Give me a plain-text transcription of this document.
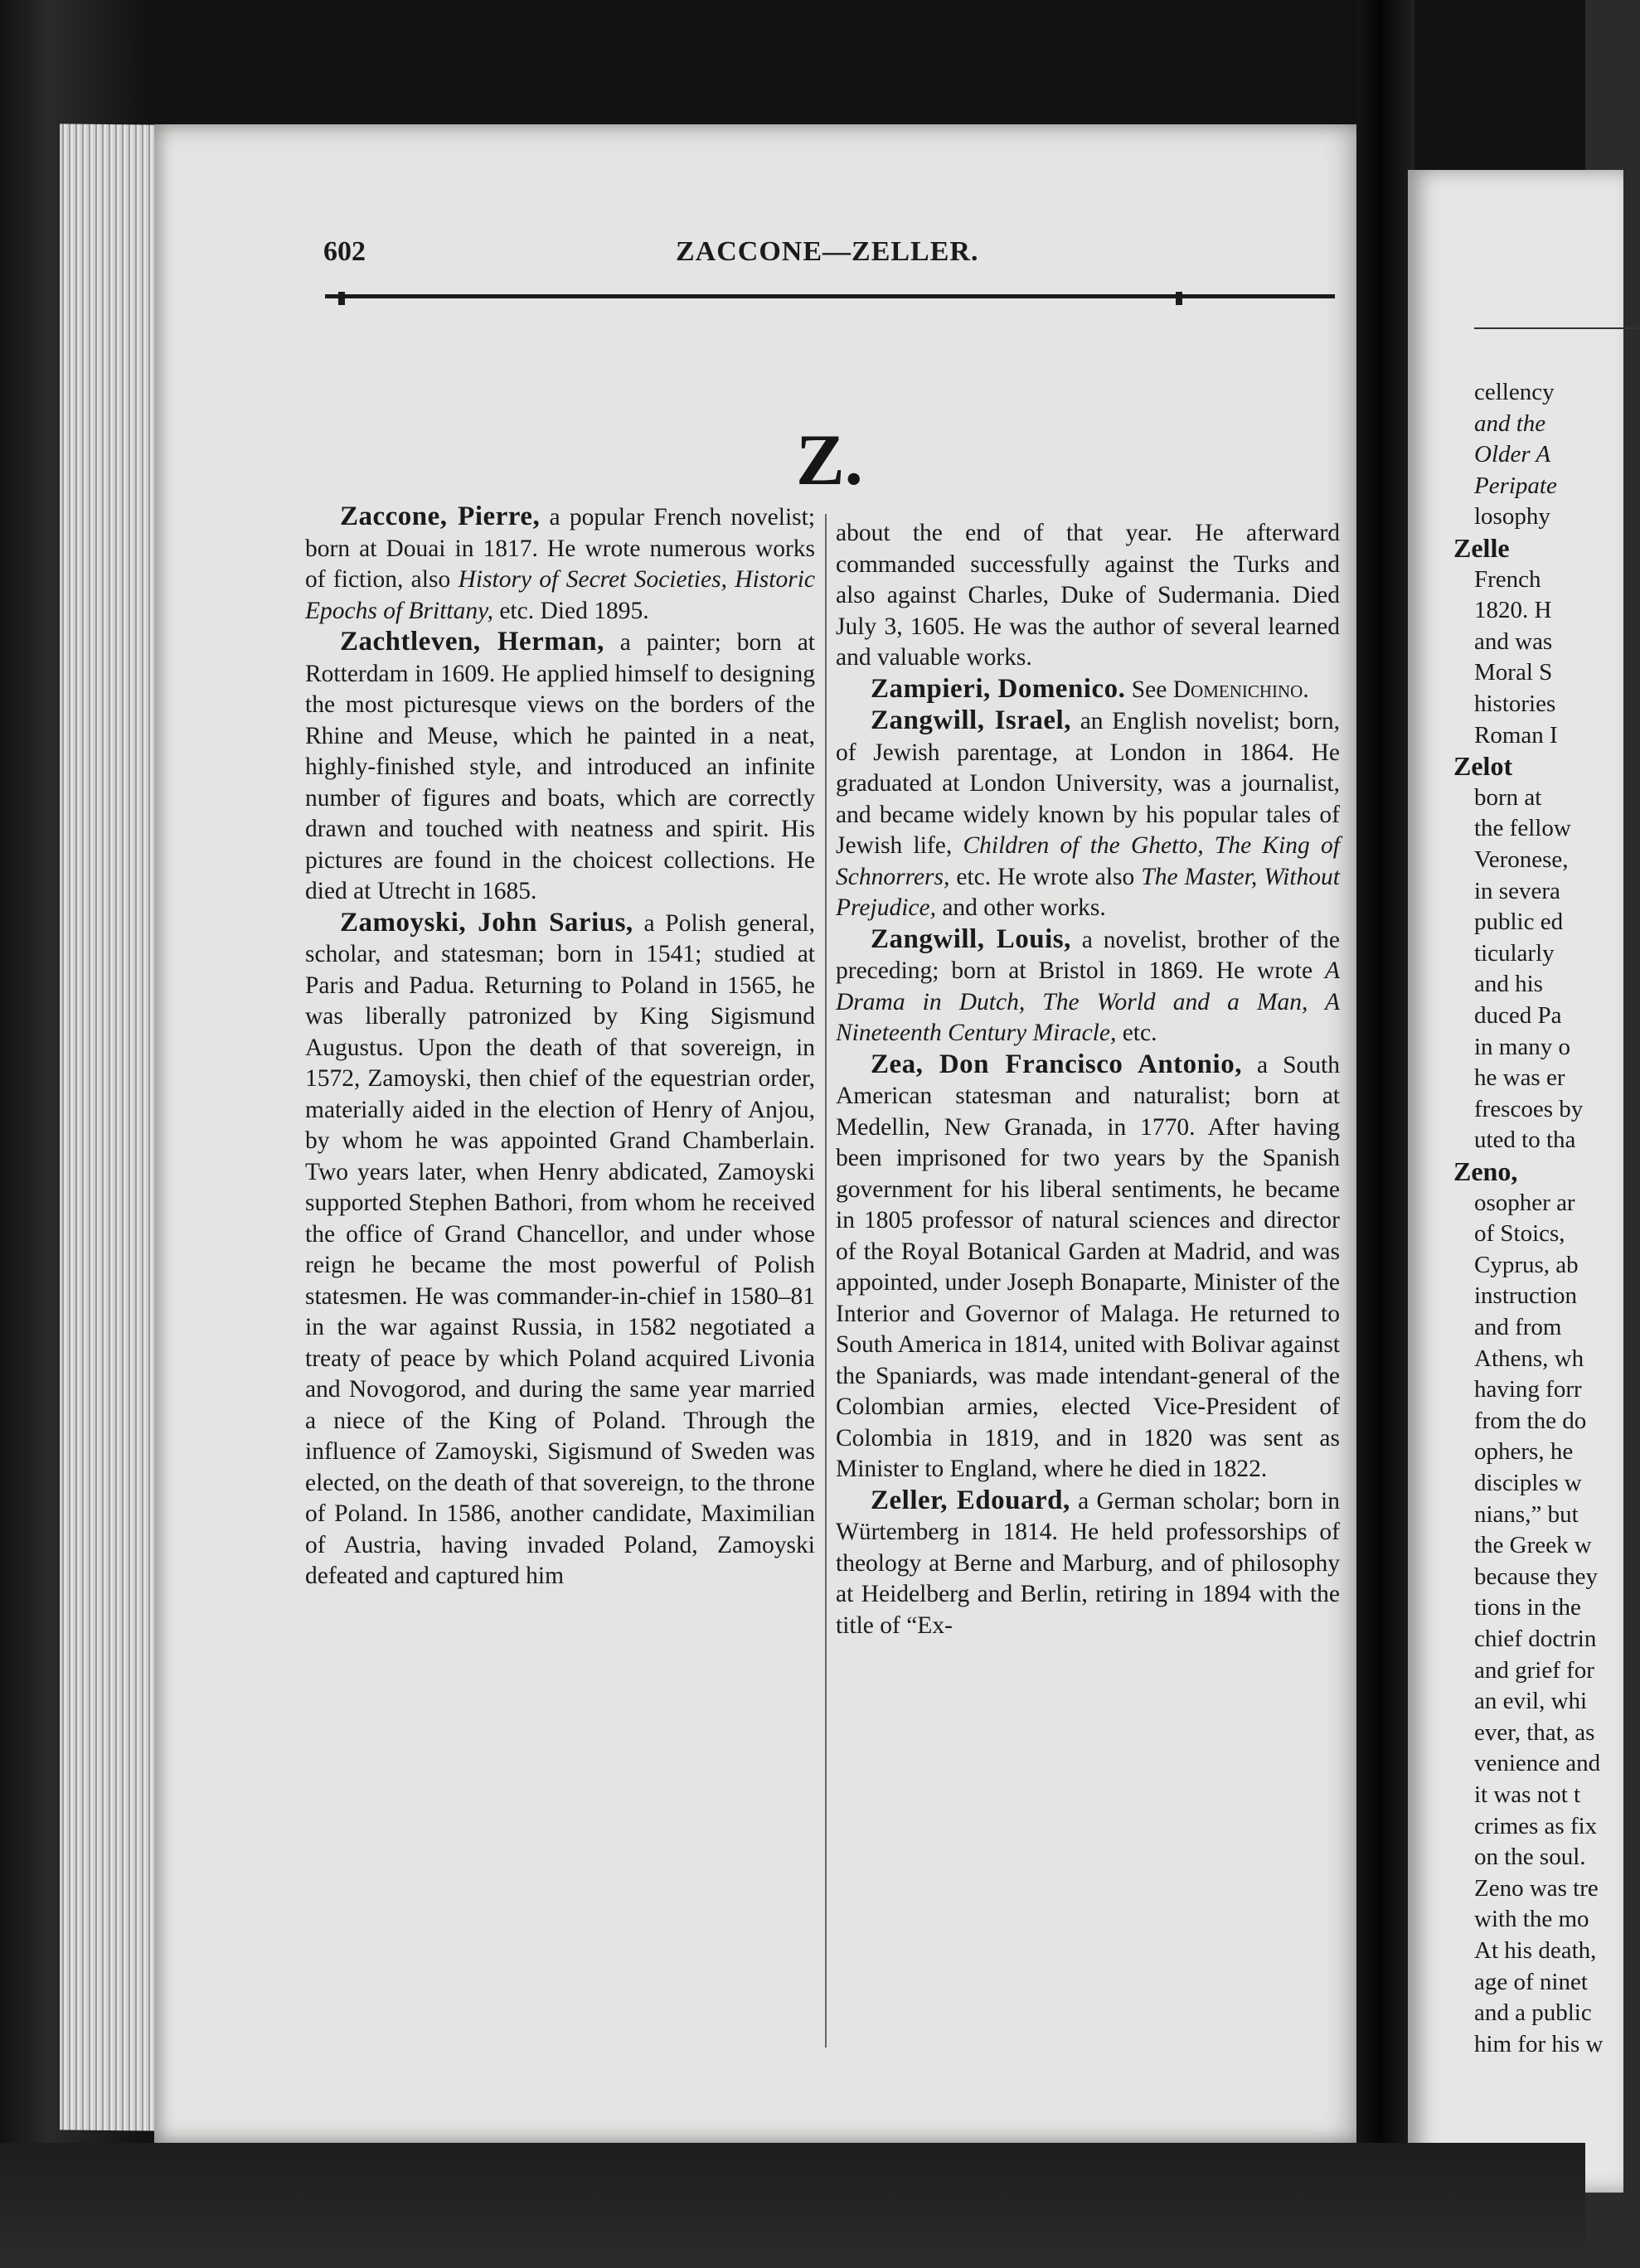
cellency
and the
Older A
Peripate
losophy
Zelle
French
1820. H
and was
Moral S
histories
Roman I
Zelot
born at
the fellow
Veronese,
in severa
public ed
ticularly
and his
duced Pa
in many o
he was er
frescoes by
uted to tha
Zeno,
osopher ar
of Stoics,
Cyprus, ab
instruction
and from
Athens, wh
having forr
from the do
ophers, he
disciples w
nians,” but
the Greek w
because they
tions in the
chief doctrin
and grief for
an evil, whi
ever, that, as
venience and
it was not t
crimes as fix
on the soul.
Zeno was tre
with the mo
At his death,
age of ninet
and a public
him for his w
602	ZACCONE—ZELLER.
Z.

Zaccone, Pierre, a popular French novelist; born at Douai in 1817. He wrote numerous works of fiction, also History of Secret Societies, Historic Epochs of Brittany, etc. Died 1895.

Zachtleven, Herman, a painter; born at Rotterdam in 1609. He applied himself to designing the most picturesque views on the borders of the Rhine and Meuse, which he painted in a neat, highly-finished style, and introduced an infinite number of figures and boats, which are correctly drawn and touched with neatness and spirit. His pictures are found in the choicest collections. He died at Utrecht in 1685.

Zamoyski, John Sarius, a Polish general, scholar, and statesman; born in 1541; studied at Paris and Padua. Returning to Poland in 1565, he was liberally patronized by King Sigismund Augustus. Upon the death of that sovereign, in 1572, Zamoyski, then chief of the equestrian order, materially aided in the election of Henry of Anjou, by whom he was appointed Grand Chamberlain. Two years later, when Henry abdicated, Zamoyski supported Stephen Bathori, from whom he received the office of Grand Chancellor, and under whose reign he became the most powerful of Polish statesmen. He was commander-in-chief in 1580–81 in the war against Russia, in 1582 negotiated a treaty of peace by which Poland acquired Livonia and Novogorod, and during the same year married a niece of the King of Poland. Through the influence of Zamoyski, Sigismund of Sweden was elected, on the death of that sovereign, to the throne of Poland. In 1586, another candidate, Maximilian of Austria, having invaded Poland, Zamoyski defeated and captured him

about the end of that year. He afterward commanded successfully against the Turks and also against Charles, Duke of Sudermania. Died July 3, 1605. He was the author of several learned and valuable works.

Zampieri, Domenico. See Domenichino.

Zangwill, Israel, an English novelist; born, of Jewish parentage, at London in 1864. He graduated at London University, was a journalist, and became widely known by his popular tales of Jewish life, Children of the Ghetto, The King of Schnorrers, etc. He wrote also The Master, Without Prejudice, and other works.

Zangwill, Louis, a novelist, brother of the preceding; born at Bristol in 1869. He wrote A Drama in Dutch, The World and a Man, A Nineteenth Century Miracle, etc.

Zea, Don Francisco Antonio, a South American statesman and naturalist; born at Medellin, New Granada, in 1770. After having been imprisoned for two years by the Spanish government for his liberal sentiments, he became in 1805 professor of natural sciences and director of the Royal Botanical Garden at Madrid, and was appointed, under Joseph Bonaparte, Minister of the Interior and Governor of Malaga. He returned to South America in 1814, united with Bolivar against the Spaniards, was made intendant-general of the Colombian armies, elected Vice-President of Colombia in 1819, and in 1820 was sent as Minister to England, where he died in 1822.

Zeller, Edouard, a German scholar; born in Würtemberg in 1814. He held professorships of theology at Berne and Marburg, and of philosophy at Heidelberg and Berlin, retiring in 1894 with the title of “Ex-
